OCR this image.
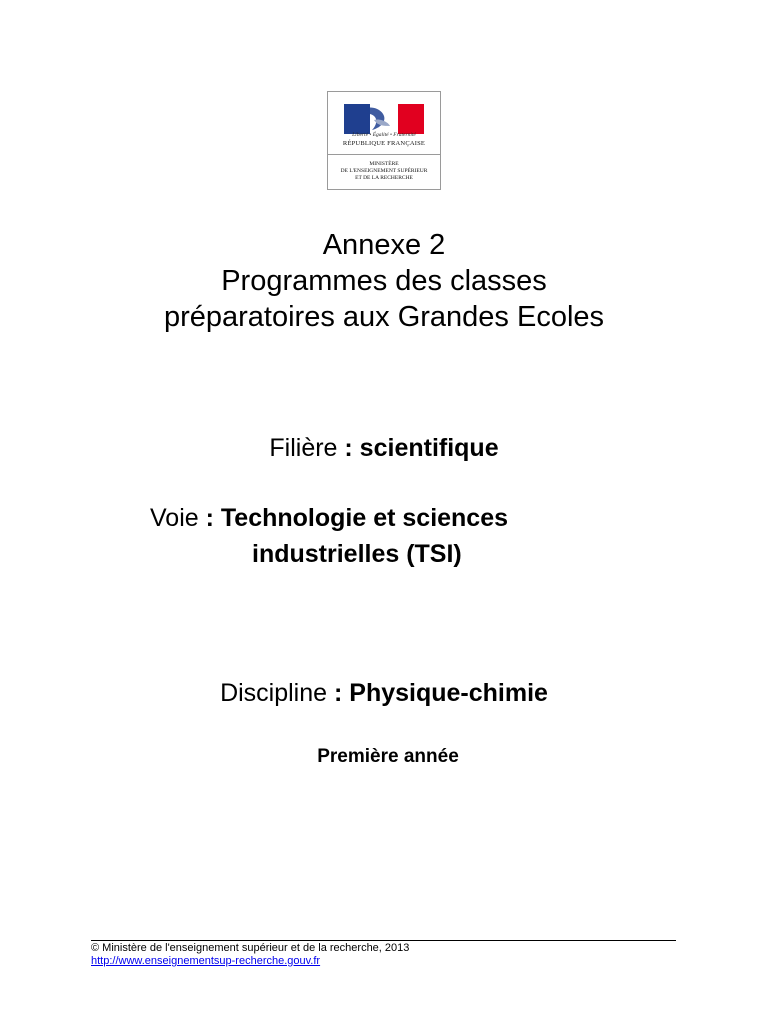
Liberté • Égalité • Fraternité
RÉPUBLIQUE FRANÇAISE
MINISTÈRE
DE L'ENSEIGNEMENT SUPÉRIEUR
ET DE LA RECHERCHE
Annexe 2
Programmes des classes
préparatoires aux Grandes Ecoles
Filière : scientifique
Voie : Technologie et sciences
industrielles (TSI)
Discipline : Physique-chimie
Première année
© Ministère de l'enseignement supérieur et de la recherche, 2013
http://www.enseignementsup-recherche.gouv.fr
